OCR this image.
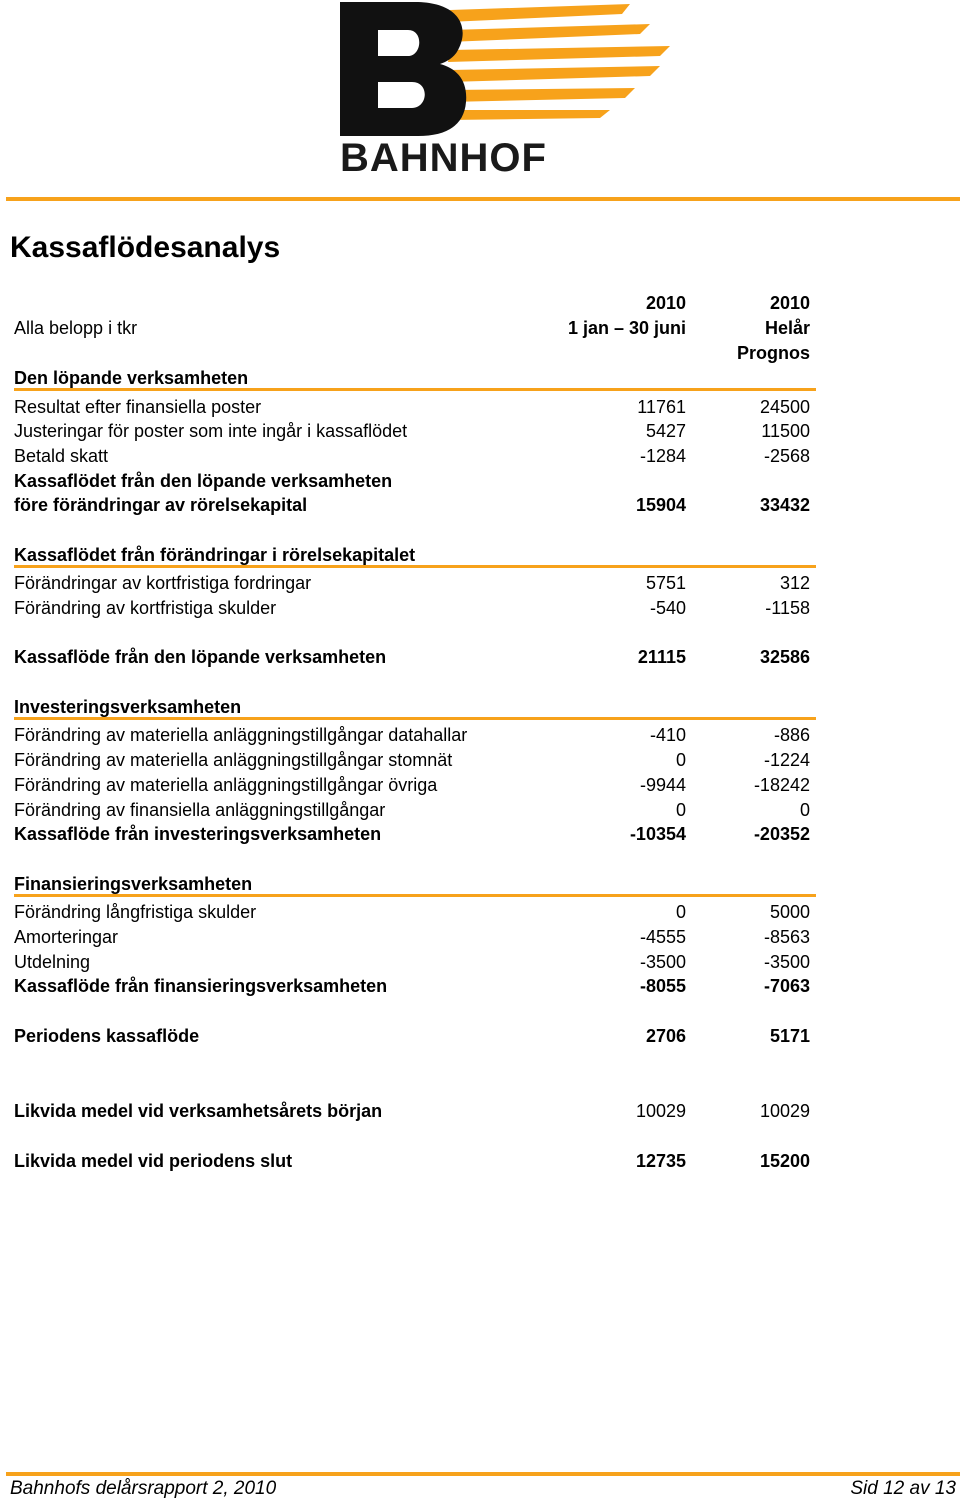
BAHNHOF
Kassaflödesanalys
2010	2010
Alla belopp i tkr	1 jan – 30 juni	Helår
Prognos
Den löpande verksamheten
Resultat efter finansiella poster	11761	24500
Justeringar för poster som inte ingår i kassaflödet	5427	11500
Betald skatt	-1284	-2568
Kassaflödet från den löpande verksamheten
före förändringar av rörelsekapital	15904	33432
Kassaflödet från förändringar i rörelsekapitalet
Förändringar av kortfristiga fordringar	5751	312
Förändring av kortfristiga skulder	-540	-1158
Kassaflöde från den löpande verksamheten	21115	32586
Investeringsverksamheten
Förändring av materiella anläggningstillgångar datahallar	-410	-886
Förändring av materiella anläggningstillgångar stomnät	0	-1224
Förändring av materiella anläggningstillgångar övriga	-9944	-18242
Förändring av finansiella anläggningstillgångar	0	0
Kassaflöde från investeringsverksamheten	-10354	-20352
Finansieringsverksamheten
Förändring långfristiga skulder	0	5000
Amorteringar	-4555	-8563
Utdelning	-3500	-3500
Kassaflöde från finansieringsverksamheten	-8055	-7063
Periodens kassaflöde	2706	5171
Likvida medel vid verksamhetsårets början	10029	10029
Likvida medel vid periodens slut	12735	15200
Bahnhofs delårsrapport 2, 2010	Sid 12 av 13
